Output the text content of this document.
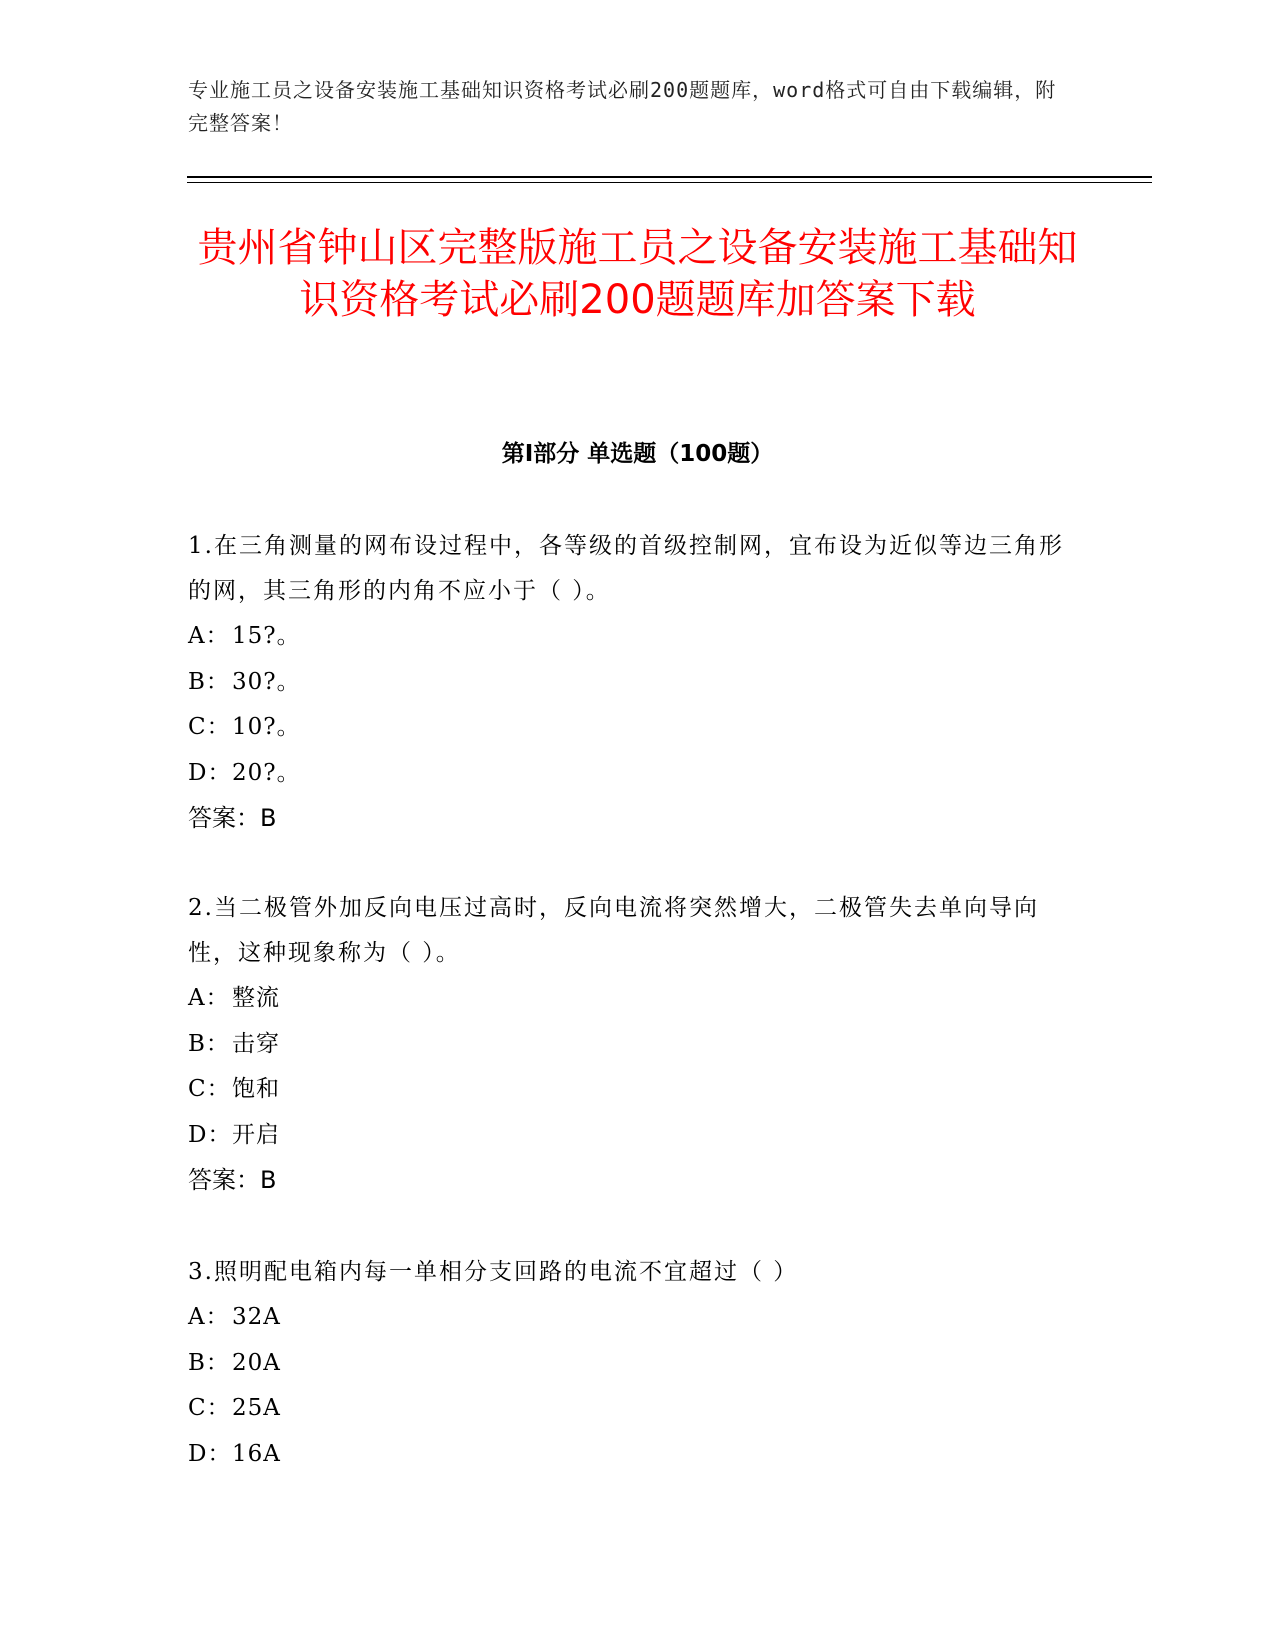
专业施工员之设备安装施工基础知识资格考试必刷200题题库，word格式可自由下载编辑，附完整答案！
贵州省钟山区完整版施工员之设备安装施工基础知识资格考试必刷200题题库加答案下载
第I部分 单选题（100题）

1.在三角测量的网布设过程中，各等级的首级控制网，宜布设为近似等边三角形的网，其三角形的内角不应小于（ ）。

A： 15?。

B：30?。

C：10?。

D：20?。

答案：B

2.当二极管外加反向电压过高时，反向电流将突然增大，二极管失去单向导向性，这种现象称为（ ）。

A： 整流

B：击穿

C：饱和

D：开启

答案：B

3.照明配电箱内每一单相分支回路的电流不宜超过（ ）

A： 32A

B：20A

C：25A

D：16A
